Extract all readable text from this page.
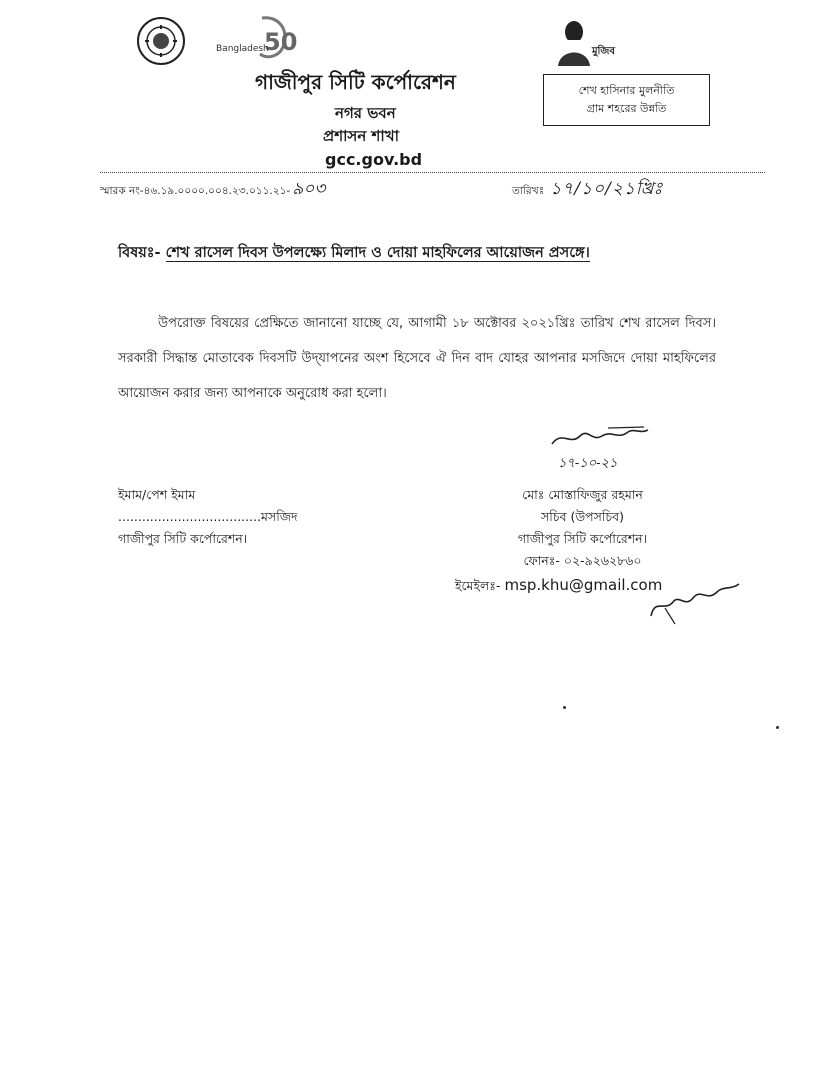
50
Bangladesh	মুজিব
গাজীপুর সিটি কর্পোরেশন
নগর ভবন
প্রশাসন শাখা
gcc.gov.bd
শেখ হাসিনার মুলনীতি
গ্রাম শহরের উন্নতি
স্মারক নং-৪৬.১৯.০০০০.০০৪.২৩.০১১.২১- ৯০৩	তারিখঃ ১৭/১০/২১খ্রিঃ
বিষয়ঃ- শেখ রাসেল দিবস উপলক্ষ্যে মিলাদ ও দোয়া মাহফিলের আয়োজন প্রসঙ্গে।
উপরোক্ত বিষয়ের প্রেক্ষিতে জানানো যাচ্ছে যে, আগামী ১৮ অক্টোবর ২০২১খ্রিঃ তারিখ শেখ রাসেল দিবস। সরকারী সিদ্ধান্ত মোতাবেক দিবসটি উদ্‌যাপনের অংশ হিসেবে ঐ দিন বাদ যোহর আপনার মসজিদে দোয়া মাহফিলের আয়োজন করার জন্য আপনাকে অনুরোধ করা হলো।
১৭-১০-২১
ইমাম/পেশ ইমাম
....................................মসজিদ
গাজীপুর সিটি কর্পোরেশন।
মোঃ মোস্তাফিজুর রহমান
সচিব (উপসচিব)
গাজীপুর সিটি কর্পোরেশন।
ফোনঃ- ০২-৯২৬২৮৬০
ইমেইলঃ- msp.khu@gmail.com
